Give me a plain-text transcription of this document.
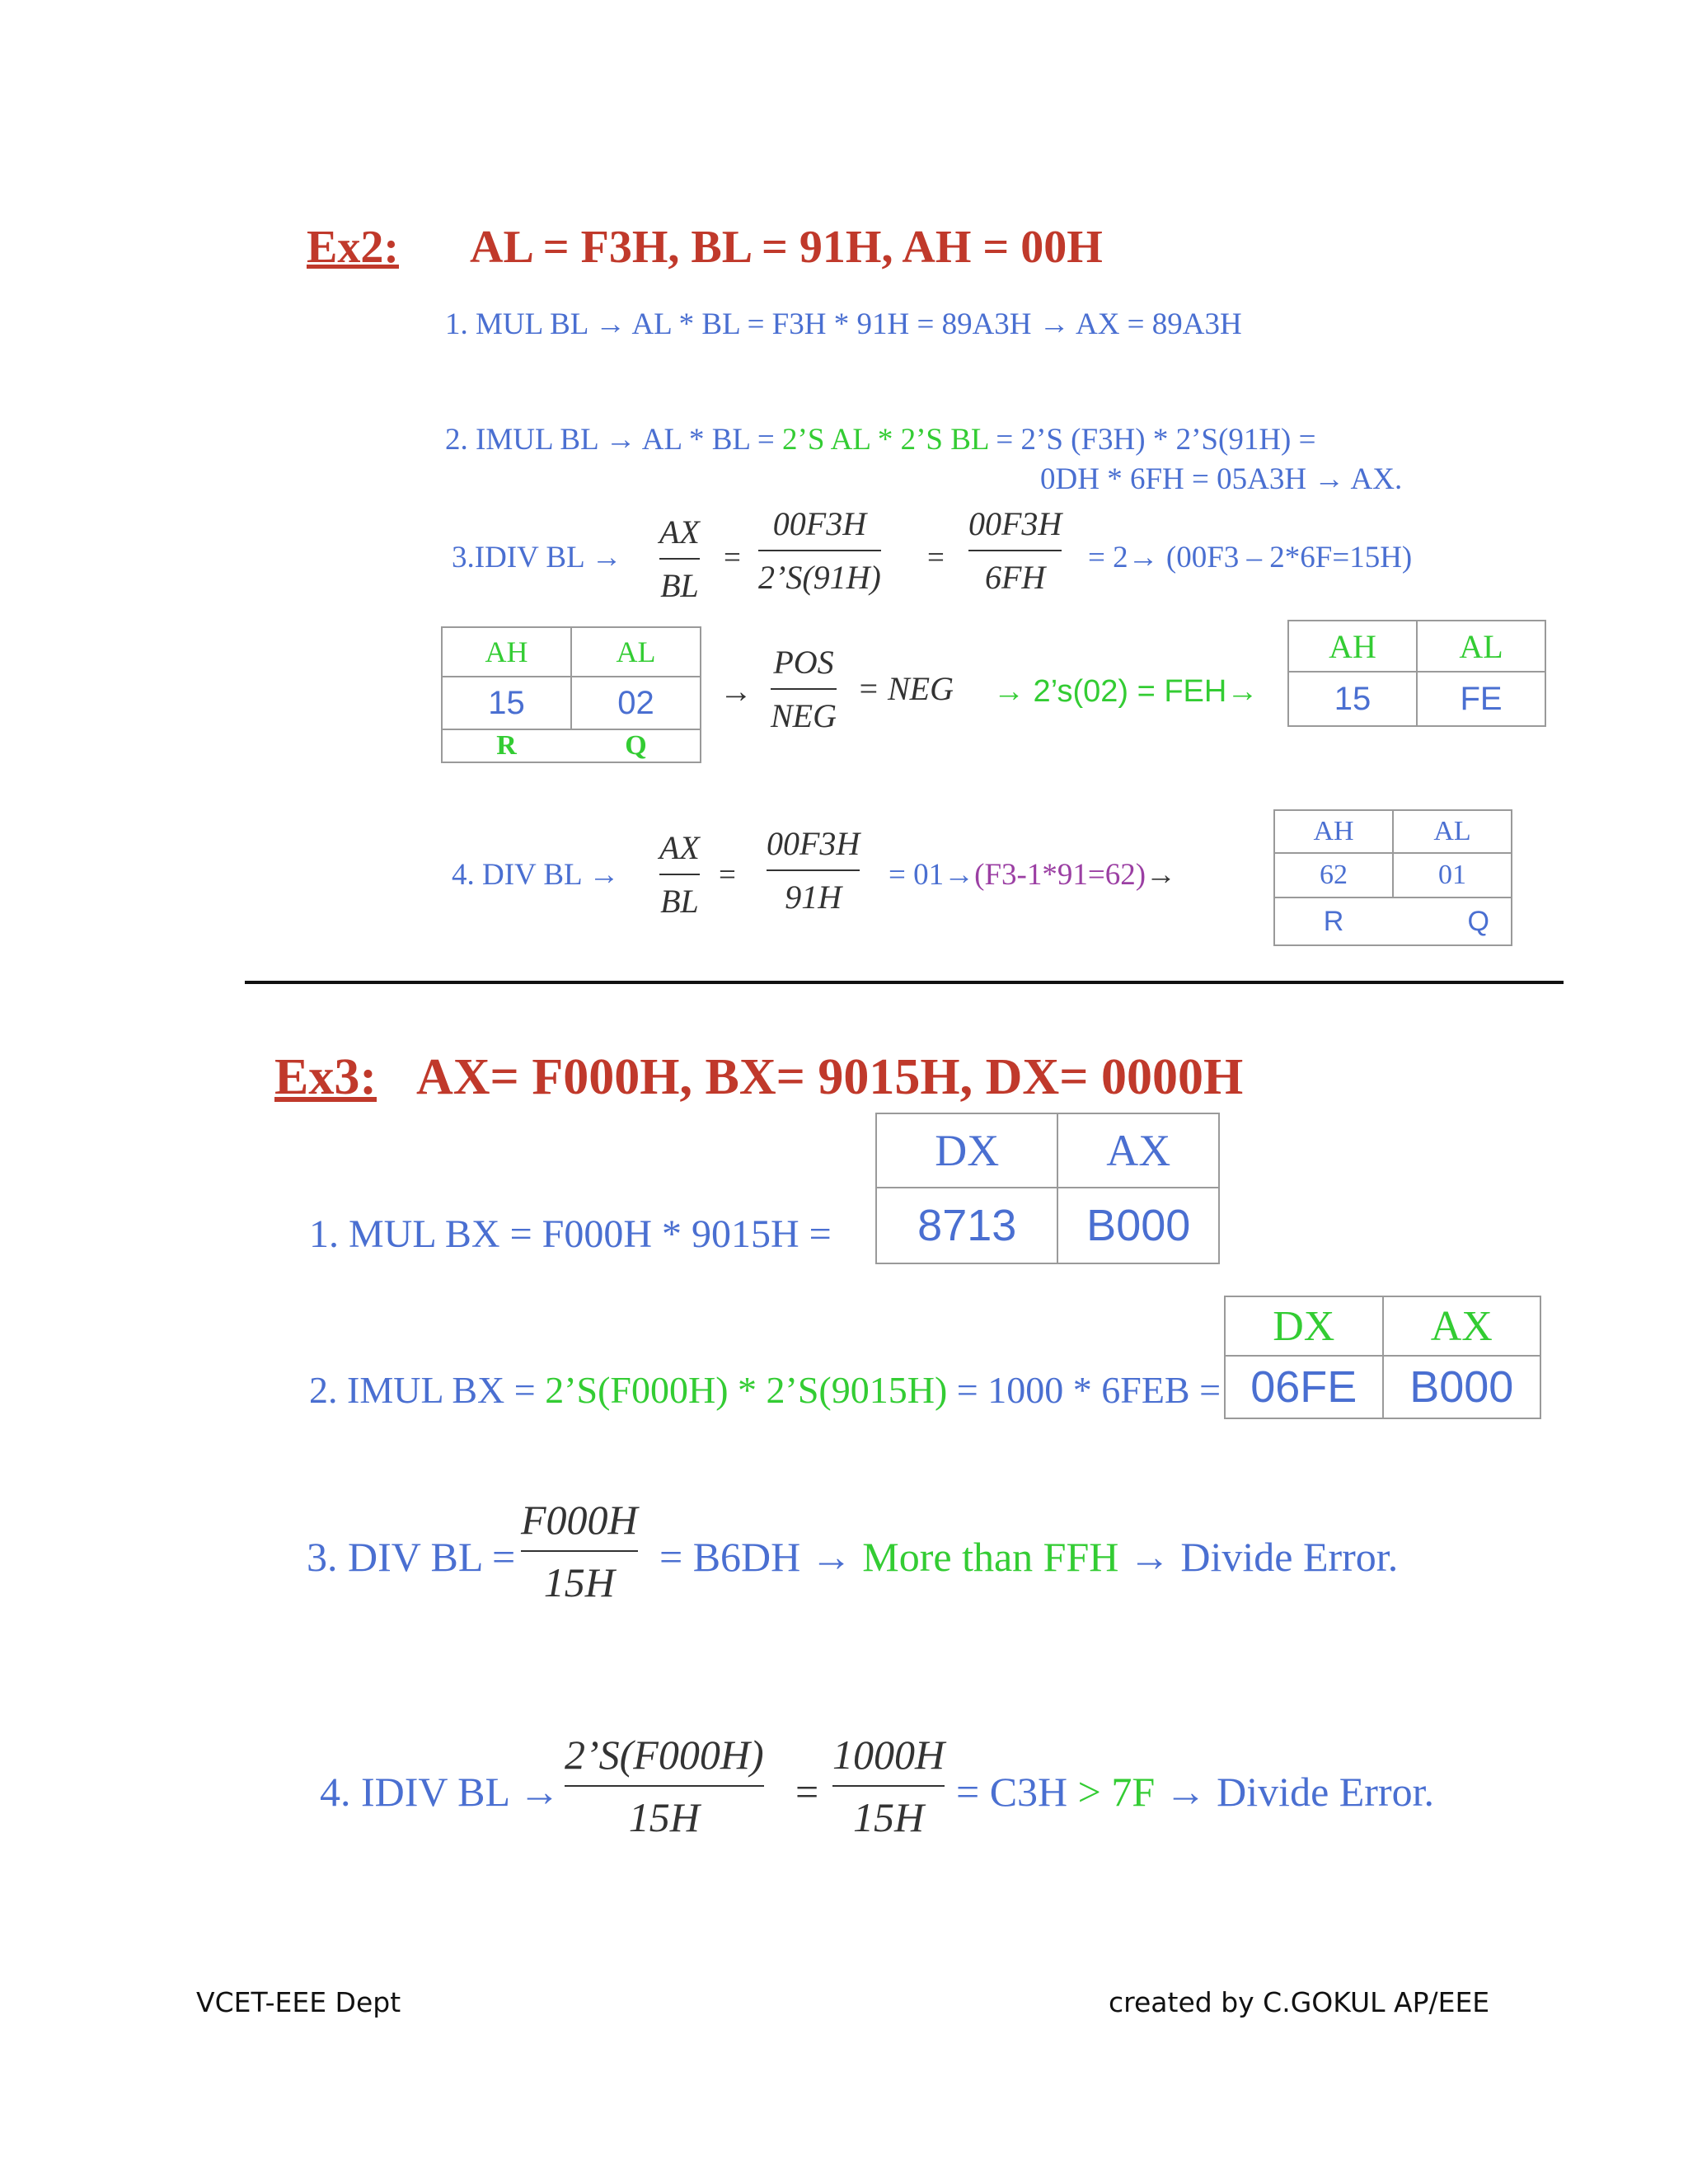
Ex2: AL = F3H, BL = 91H, AH = 00H
1. MUL BL → AL * BL = F3H * 91H = 89A3H → AX = 89A3H
2. IMUL BL → AL * BL = 2’S AL * 2’S BL = 2’S (F3H) * 2’S(91H) =
0DH * 6FH = 05A3H → AX.
3.IDIV BL →
AX
BL
=
00F3H
2’S(91H)
=
00F3H
6FH
= 2→ (00F3 – 2*6F=15H)
AH	AL
15	02
R	Q
→
POS
NEG
= NEG → 2’s(02) = FEH→
AH	AL
15	FE
4. DIV BL →
AX
BL
=
00F3H
91H
= 01→(F3-1*91=62)→
AH	AL
62	01
R	Q
Ex3: AX= F000H, BX= 9015H, DX= 0000H
1. MUL BX = F000H * 9015H =
DX	AX
8713	B000
2. IMUL BX = 2’S(F000H) * 2’S(9015H) = 1000 * 6FEB =
DX	AX
06FE	B000
3. DIV BL =
F000H
15H
= B6DH → More than FFH → Divide Error.
4. IDIV BL →
2’S(F000H)
15H
=
1000H
15H
= C3H > 7F → Divide Error.
VCET-EEE Dept	created by C.GOKUL AP/EEE
